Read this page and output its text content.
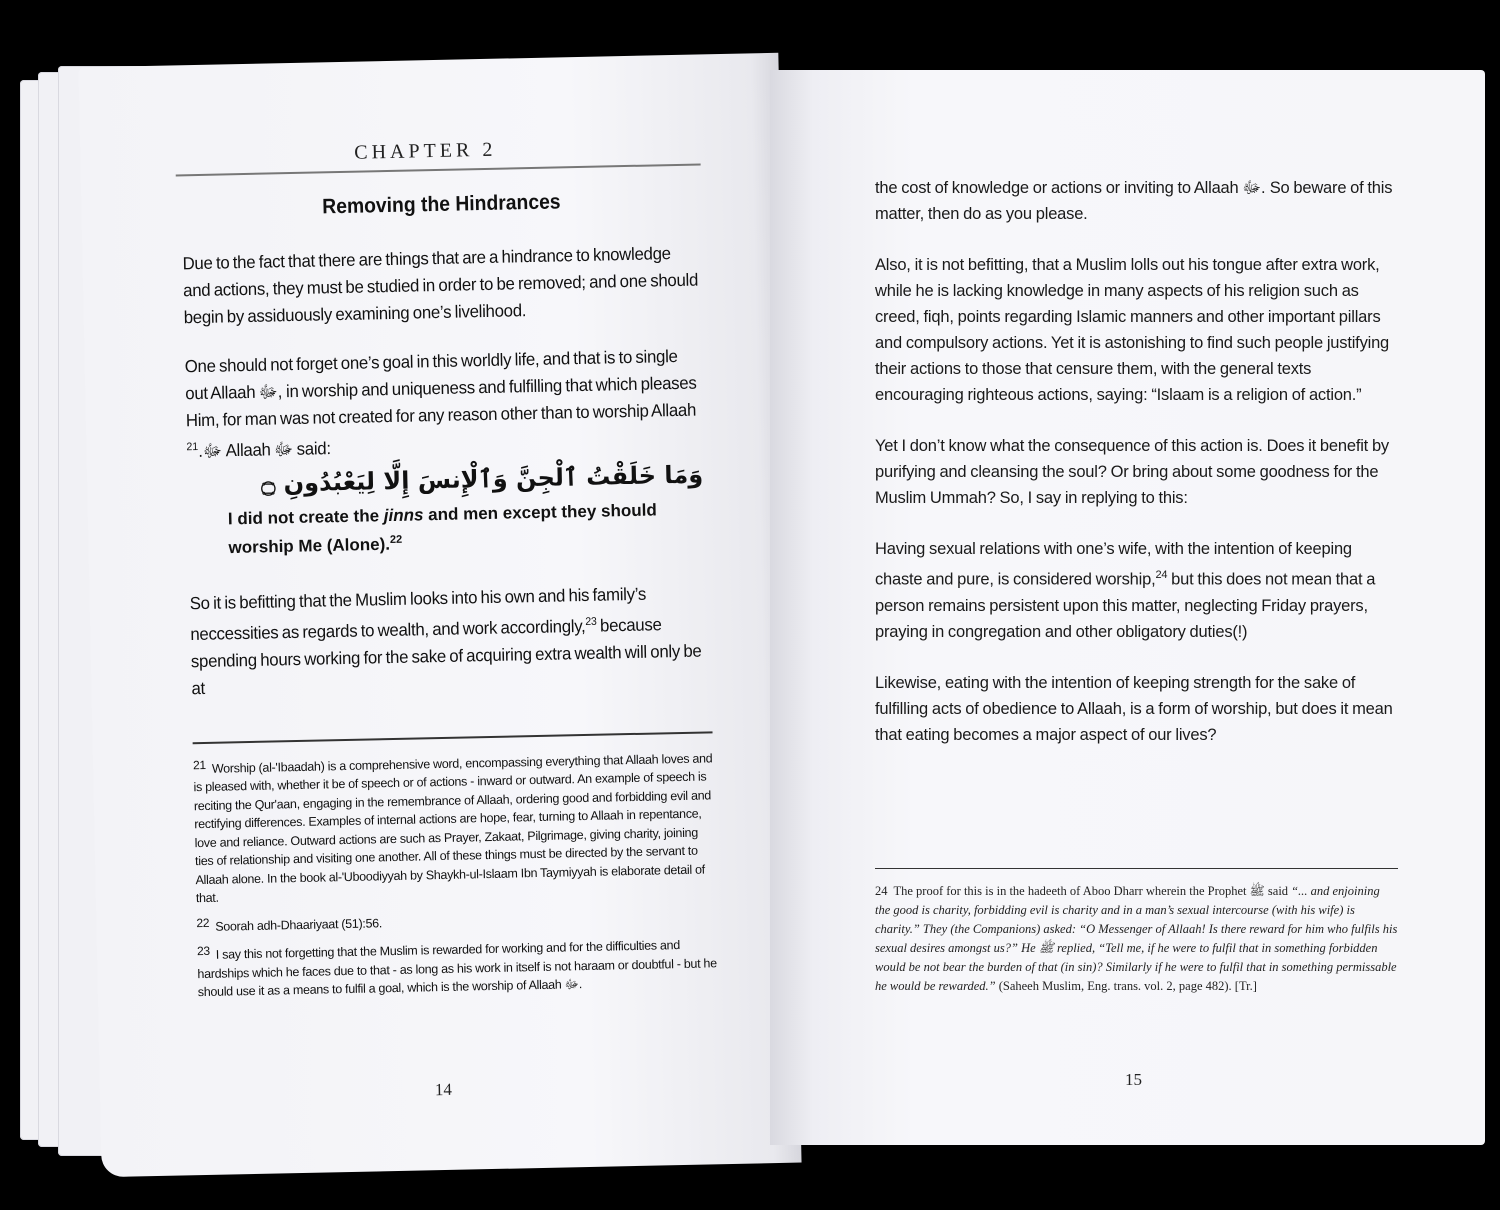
CHAPTER 2
Removing the Hindrances

Due to the fact that there are things that are a hindrance to knowledge and actions, they must be studied in order to be removed; and one should begin by assiduously examining one’s livelihood.

One should not forget one’s goal in this worldly life, and that is to single out Allaah ﷻ, in worship and uniqueness and fulfilling that which pleases Him, for man was not created for any reason other than to worship Allaah ﷻ.$^{21}$ Allaah ﷻ said:

وَمَا خَلَقْتُ ٱلْجِنَّ وَٱلْإِنسَ إِلَّا لِيَعْبُدُونِ ۝

I did not create the jinns and men except they should worship Me (Alone).$^{22}$

So it is befitting that the Muslim looks into his own and his family’s neccessities as regards to wealth, and work accordingly,$^{23}$ because spending hours working for the sake of acquiring extra wealth will only be at

21 Worship (al-'Ibaadah) is a comprehensive word, encompassing everything that Allaah loves and is pleased with, whether it be of speech or of actions - inward or outward. An example of speech is reciting the Qur'aan, engaging in the remembrance of Allaah, ordering good and forbidding evil and rectifying differences. Examples of internal actions are hope, fear, turning to Allaah in repentance, love and reliance. Outward actions are such as Prayer, Zakaat, Pilgrimage, giving charity, joining ties of relationship and visiting one another. All of these things must be directed by the servant to Allaah alone. In the book al-'Uboodiyyah by Shaykh-ul-Islaam Ibn Taymiyyah is elaborate detail of that.

22 Soorah adh-Dhaariyaat (51):56.

23 I say this not forgetting that the Muslim is rewarded for working and for the difficulties and hardships which he faces due to that - as long as his work in itself is not haraam or doubtful - but he should use it as a means to fulfil a goal, which is the worship of Allaah ﷻ.

14

the cost of knowledge or actions or inviting to Allaah ﷻ. So beware of this matter, then do as you please.

Also, it is not befitting, that a Muslim lolls out his tongue after extra work, while he is lacking knowledge in many aspects of his religion such as creed, fiqh, points regarding Islamic manners and other important pillars and compulsory actions. Yet it is astonishing to find such people justifying their actions to those that censure them, with the general texts encouraging righteous actions, saying: “Islaam is a religion of action.”

Yet I don’t know what the consequence of this action is. Does it benefit by purifying and cleansing the soul? Or bring about some goodness for the Muslim Ummah? So, I say in replying to this:

Having sexual relations with one’s wife, with the intention of keeping chaste and pure, is considered worship,$^{24}$ but this does not mean that a person remains persistent upon this matter, neglecting Friday prayers, praying in congregation and other obligatory duties(!)

Likewise, eating with the intention of keeping strength for the sake of fulfilling acts of obedience to Allaah, is a form of worship, but does it mean that eating becomes a major aspect of our lives?

24 The proof for this is in the hadeeth of Aboo Dharr wherein the Prophet ﷺ said “... and enjoining the good is charity, forbidding evil is charity and in a man’s sexual intercourse (with his wife) is charity.” They (the Companions) asked: “O Messenger of Allaah! Is there reward for him who fulfils his sexual desires amongst us?” He ﷺ replied, “Tell me, if he were to fulfil that in something forbidden would be not bear the burden of that (in sin)? Similarly if he were to fulfil that in something permissable he would be rewarded.” (Saheeh Muslim, Eng. trans. vol. 2, page 482). [Tr.]

15
